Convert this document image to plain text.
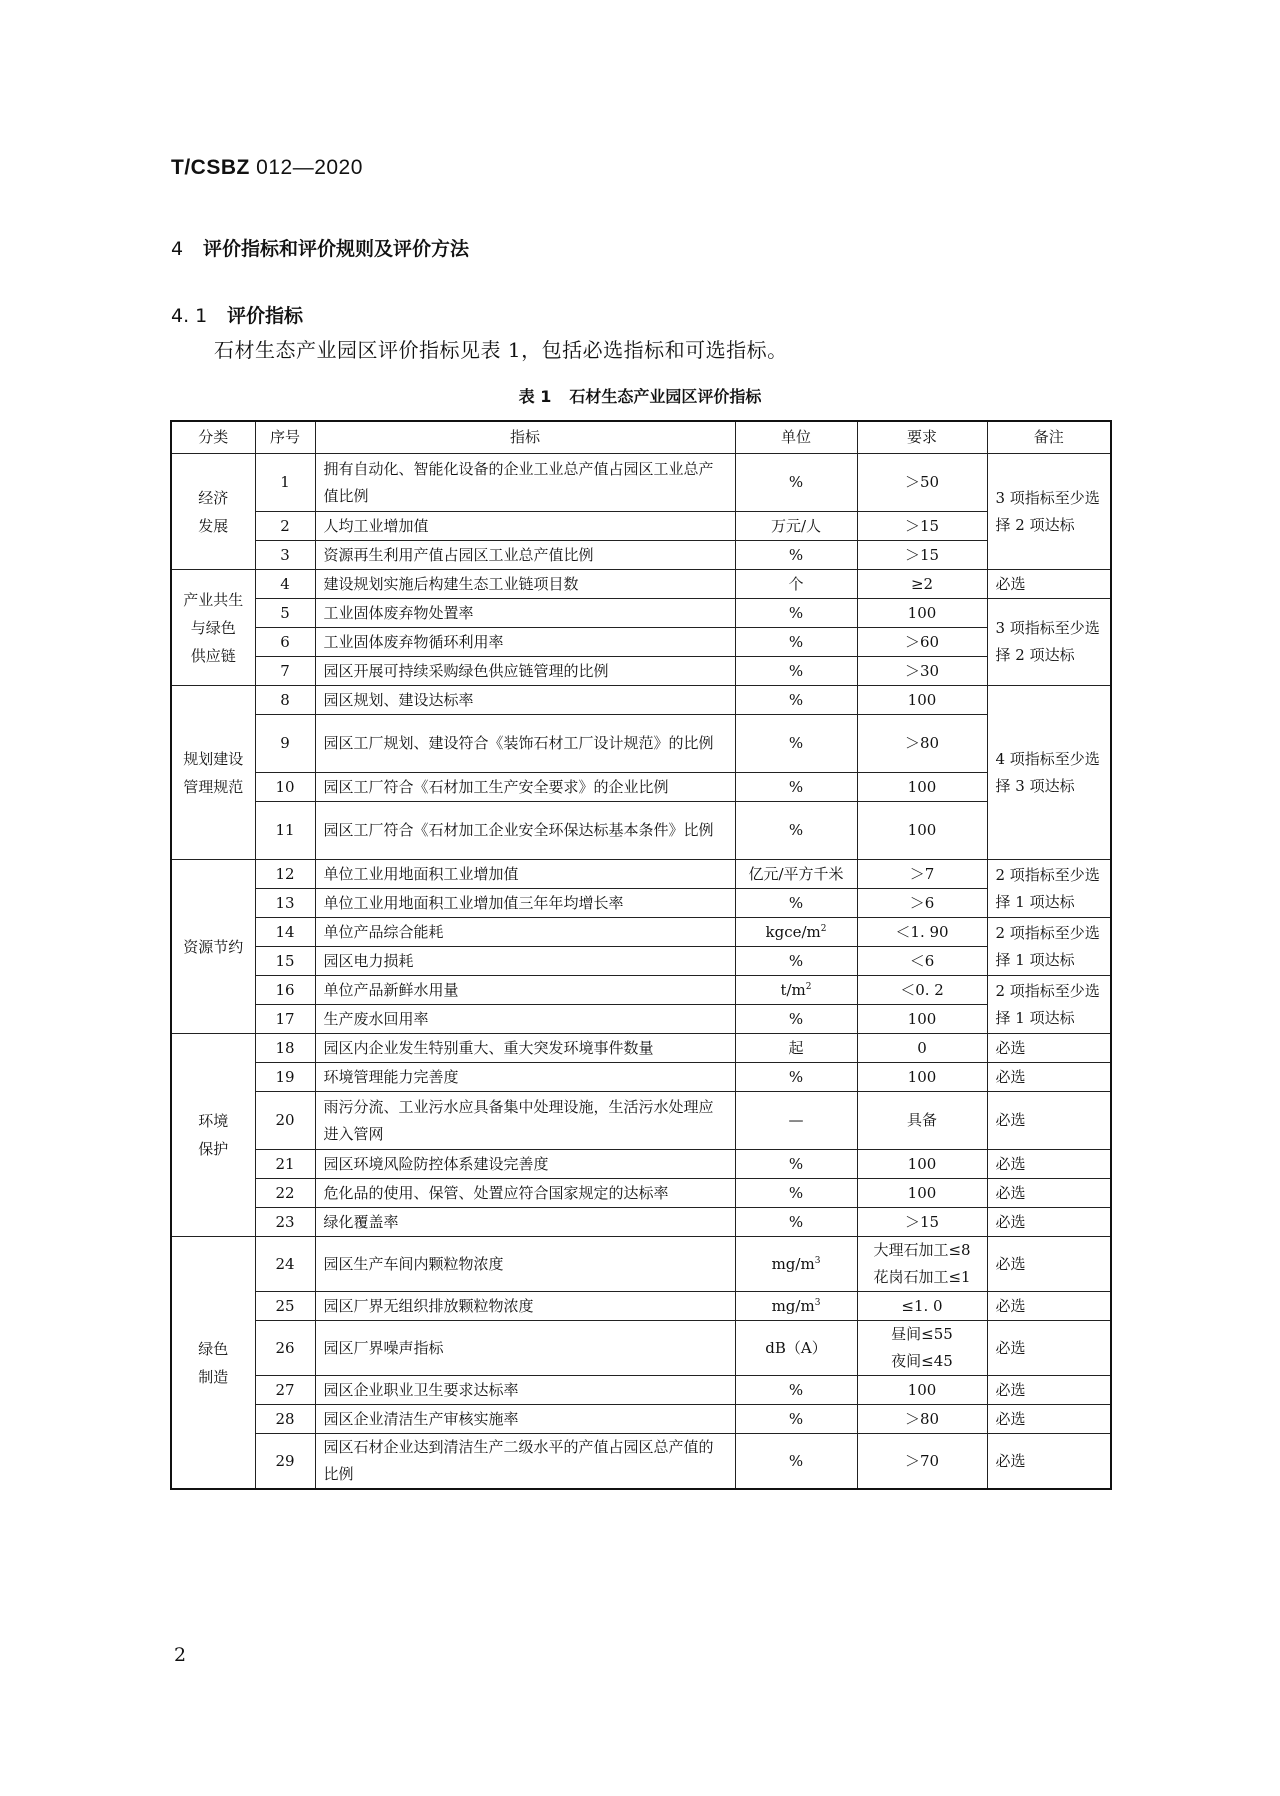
T/CSBZ 012—2020
4 评价指标和评价规则及评价方法
4. 1 评价指标
石材生态产业园区评价指标见表 1，包括必选指标和可选指标。
表 1 石材生态产业园区评价指标
分类	序号	指标	单位	要求	备注
经济
发展	1	拥有自动化、智能化设备的企业工业总产值占园区工业总产值比例	%	＞50	3 项指标至少选择 2 项达标
	2	人均工业增加值	万元/人	＞15	
	3	资源再生利用产值占园区工业总产值比例	%	＞15	
产业共生
与绿色
供应链	4	建设规划实施后构建生态工业链项目数	个	≥2	必选
	5	工业固体废弃物处置率	%	100	3 项指标至少选择 2 项达标
	6	工业固体废弃物循环利用率	%	＞60	
	7	园区开展可持续采购绿色供应链管理的比例	%	＞30	
规划建设
管理规范	8	园区规划、建设达标率	%	100	4 项指标至少选择 3 项达标
	9	园区工厂规划、建设符合《装饰石材工厂设计规范》的比例	%	＞80	
	10	园区工厂符合《石材加工生产安全要求》的企业比例	%	100	
	11	园区工厂符合《石材加工企业安全环保达标基本条件》比例	%	100	
资源节约	12	单位工业用地面积工业增加值	亿元/平方千米	＞7	2 项指标至少选择 1 项达标
	13	单位工业用地面积工业增加值三年年均增长率	%	＞6	
	14	单位产品综合能耗	kgce/$m^2$	＜1. 90	2 项指标至少选择 1 项达标
	15	园区电力损耗	%	＜6	
	16	单位产品新鲜水用量	$t/m^2$	＜0. 2	2 项指标至少选择 1 项达标
	17	生产废水回用率	%	100	
环境
保护	18	园区内企业发生特别重大、重大突发环境事件数量	起	0	必选
	19	环境管理能力完善度	%	100	必选
	20	雨污分流、工业污水应具备集中处理设施，生活污水处理应进入管网	—	具备	必选
	21	园区环境风险防控体系建设完善度	%	100	必选
	22	危化品的使用、保管、处置应符合国家规定的达标率	%	100	必选
	23	绿化覆盖率	%	＞15	必选
绿色
制造	24	园区生产车间内颗粒物浓度	$mg/m^3$	大理石加工≤8
花岗石加工≤1	必选
	25	园区厂界无组织排放颗粒物浓度	$mg/m^3$	≤1. 0	必选
	26	园区厂界噪声指标	dB（A）	昼间≤55
夜间≤45	必选
	27	园区企业职业卫生要求达标率	%	100	必选
	28	园区企业清洁生产审核实施率	%	＞80	必选
	29	园区石材企业达到清洁生产二级水平的产值占园区总产值的比例	%	＞70	必选
2
